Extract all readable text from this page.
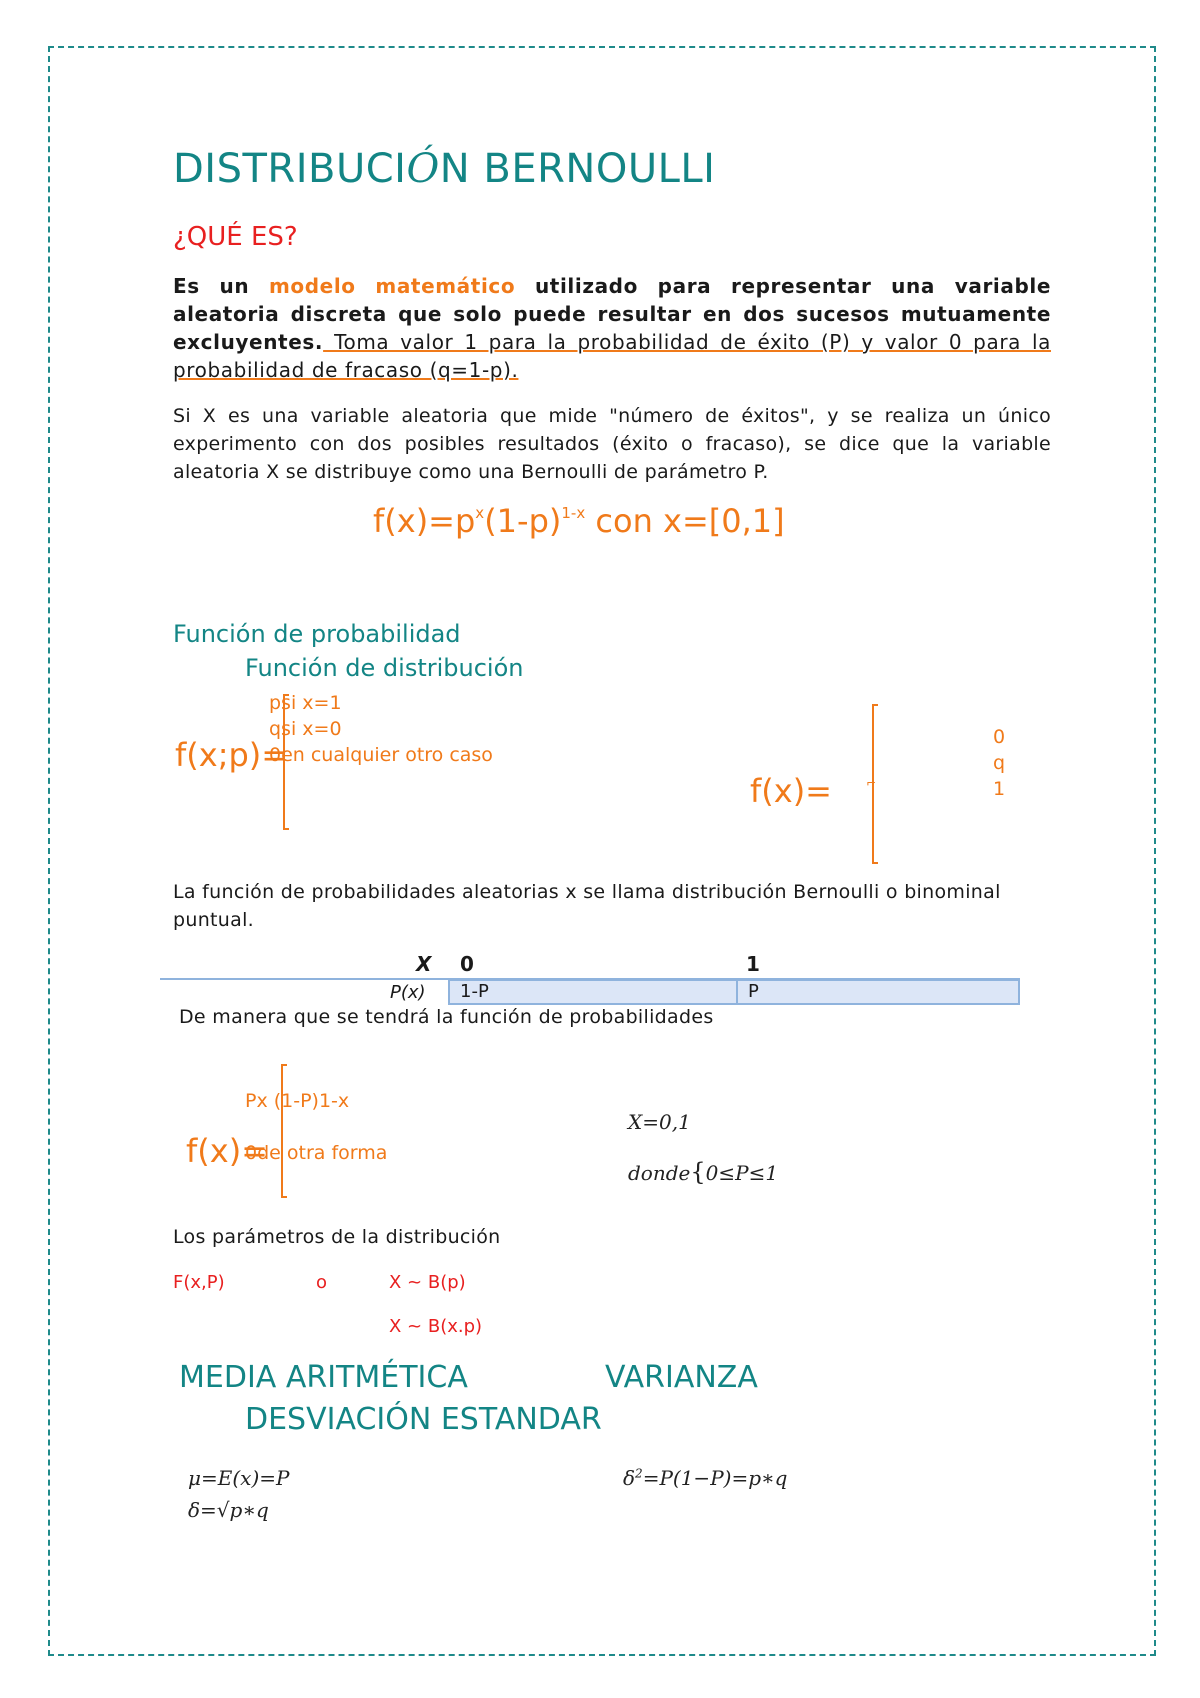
DISTRIBUCIÓN BERNOULLI
¿QUÉ ES?
Es un modelo matemático utilizado para representar una variable aleatoria discreta que solo puede resultar en dos sucesos mutuamente excluyentes. Toma valor 1 para la probabilidad de éxito (P) y valor 0 para la probabilidad de fracaso (q=1-p).
Si X es una variable aleatoria que mide "número de éxitos", y se realiza un único experimento con dos posibles resultados (éxito o fracaso), se dice que la variable aleatoria X se distribuye como una Bernoulli de parámetro P.
$f(x)=p^x(1-p)^{1-x}$ con x=[0,1]
Función de probabilidad
Función de distribución
f(x;p)=
psi x=1
qsi x=0
0en cualquier otro caso
f(x)=	⌐
0
q
1
La función de probabilidades aleatorias x se llama distribución Bernoulli o binominal puntual.
X 0	1
P(x) 1-P	P
De manera que se tendrá la función de probabilidades
f(x)=
Px (1-P)1-x
0de otra forma
X=0,1
donde{0≤P≤1
Los parámetros de la distribución
F(x,P)	o	X ~ B(p)
X ~ B(x.p)
MEDIA ARITMÉTICA	VARIANZA
DESVIACIÓN ESTANDAR
μ=E(x)=P
δ=√p∗q
$\delta^2=P(1-P)=p∗q$
